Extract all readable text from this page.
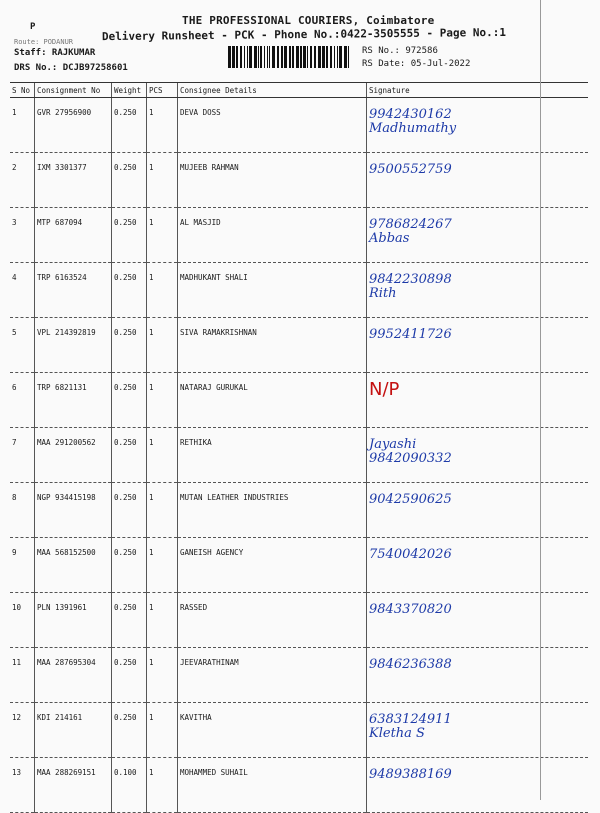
P	THE PROFESSIONAL COURIERS, Coimbatore
Delivery Runsheet - PCK - Phone No.:0422-3505555 - Page No.:1
Route: PODANUR
Staff: RAJKUMAR
DRS No.: DCJB97258601
RS No.: 972586
RS Date: 05-Jul-2022
S No	Consignment No	Weight	PCS	Consignee Details	Signature
1	GVR 27956900	0.250	1	DEVA DOSS	9942430162
Madhumathy
2	IXM 3301377	0.250	1	MUJEEB RAHMAN	9500552759
3	MTP 687094	0.250	1	AL MASJID	9786824267
Abbas
4	TRP 6163524	0.250	1	MADHUKANT SHALI	9842230898
Rith
5	VPL 214392819	0.250	1	SIVA RAMAKRISHNAN	9952411726
6	TRP 6821131	0.250	1	NATARAJ GURUKAL	N/P
7	MAA 291200562	0.250	1	RETHIKA	Jayashi
9842090332
8	NGP 934415198	0.250	1	MUTAN LEATHER INDUSTRIES	9042590625
9	MAA 568152500	0.250	1	GANEISH AGENCY	7540042026
10	PLN 1391961	0.250	1	RASSED	9843370820
11	MAA 287695304	0.250	1	JEEVARATHINAM	9846236388
12	KDI 214161	0.250	1	KAVITHA	6383124911
Kletha S
13	MAA 288269151	0.100	1	MOHAMMED SUHAIL	9489388169
